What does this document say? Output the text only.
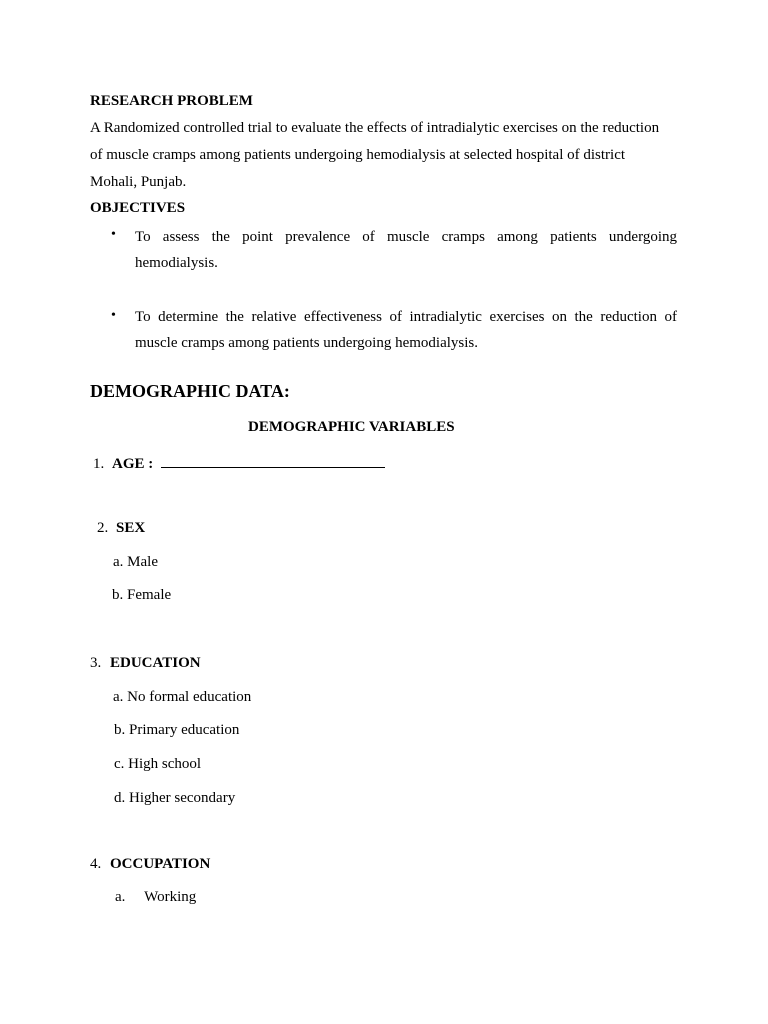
RESEARCH PROBLEM
A Randomized controlled trial to evaluate the effects of intradialytic exercises on the reduction
of muscle cramps among patients undergoing hemodialysis at selected hospital of district
Mohali, Punjab.
OBJECTIVES
• To assess the point prevalence of muscle cramps among patients undergoing hemodialysis.
• To determine the relative effectiveness of intradialytic exercises on the reduction of muscle cramps among patients undergoing hemodialysis.
DEMOGRAPHIC DATA:
DEMOGRAPHIC VARIABLES
1. AGE :
2. SEX
a. Male
b. Female
3. EDUCATION
a. No formal education
b. Primary education
c. High school
d. Higher secondary
4. OCCUPATION
a. Working
